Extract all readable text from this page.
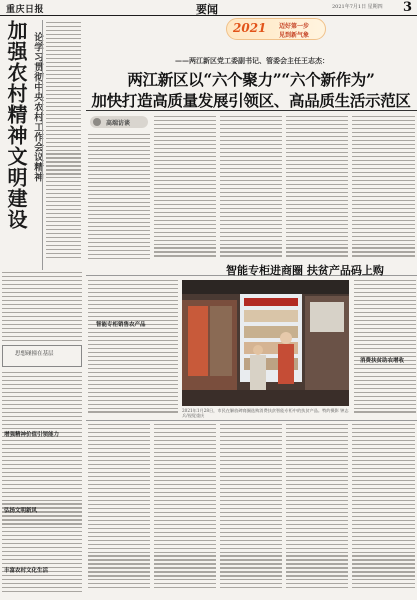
重庆日报	要闻	2021年7月1日 星期四 3
加强农村精神文明建设 论学习贯彻中央农村工作会议精神
思想碰撞在基层
增强精神价值引领能力
弘扬文明新风
丰富农村文化生活
2021 迈好第一步
见到新气象
——两江新区党工委副书记、管委会主任王志杰：
两江新区以“六个聚力”“六个新作为”
加快打造高质量发展引领区、高品质生活示范区
高端访谈
智能专柜进商圈 扶贫产品码上购
智能专柜销售农产品
2021年1月28日，市民在解放碑商圈选购消费扶贫智能专柜中的扶贫产品。特约摄影 钟志兵/视觉重庆
消费扶贫助农增收
